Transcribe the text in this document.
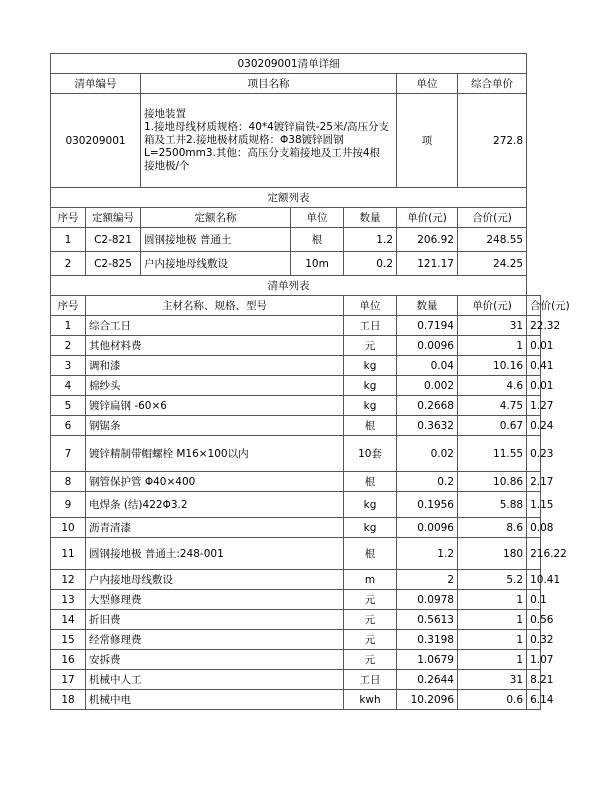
030209001清单详细							
清单编号		项目名称			单位	综合单价	
030209001		接地装置
1.接地母线材质规格：40*4镀锌扁铁-25米/高压分支
箱及工井2.接地极材质规格：Φ38镀锌圆钢
L=2500mm3.其他：高压分支箱接地及工井按4根
接地极/个			项	272.8	
定额列表							
序号	定额编号	定额名称	单位	数量	单价(元)	合价(元)	
1	C2-821	圆钢接地极 普通土	根	1.2	206.92	248.55	
2	C2-825	户内接地母线敷设	10m	0.2	121.17	24.25	
清单列表							
序号	主材名称、规格、型号			单位	数量	单价(元)	合价(元)
1	综合工日			工日	0.7194	31	22.32
2	其他材料费			元	0.0096	1	0.01
3	调和漆			kg	0.04	10.16	0.41
4	棉纱头			kg	0.002	4.6	0.01
5	镀锌扁钢 -60×6			kg	0.2668	4.75	1.27
6	钢锯条			根	0.3632	0.67	0.24
7	镀锌精制带帽螺栓 M16×100以内			10套	0.02	11.55	0.23
8	钢管保护管 Φ40×400			根	0.2	10.86	2.17
9	电焊条 (结)422Φ3.2			kg	0.1956	5.88	1.15
10	沥青清漆			kg	0.0096	8.6	0.08
11	圆钢接地极 普通土:248-001			根	1.2	180	216.22
12	户内接地母线敷设			m	2	5.2	10.41
13	大型修理费			元	0.0978	1	0.1
14	折旧费			元	0.5613	1	0.56
15	经常修理费			元	0.3198	1	0.32
16	安拆费			元	1.0679	1	1.07
17	机械中人工			工日	0.2644	31	8.21
18	机械中电			kwh	10.2096	0.6	6.14
